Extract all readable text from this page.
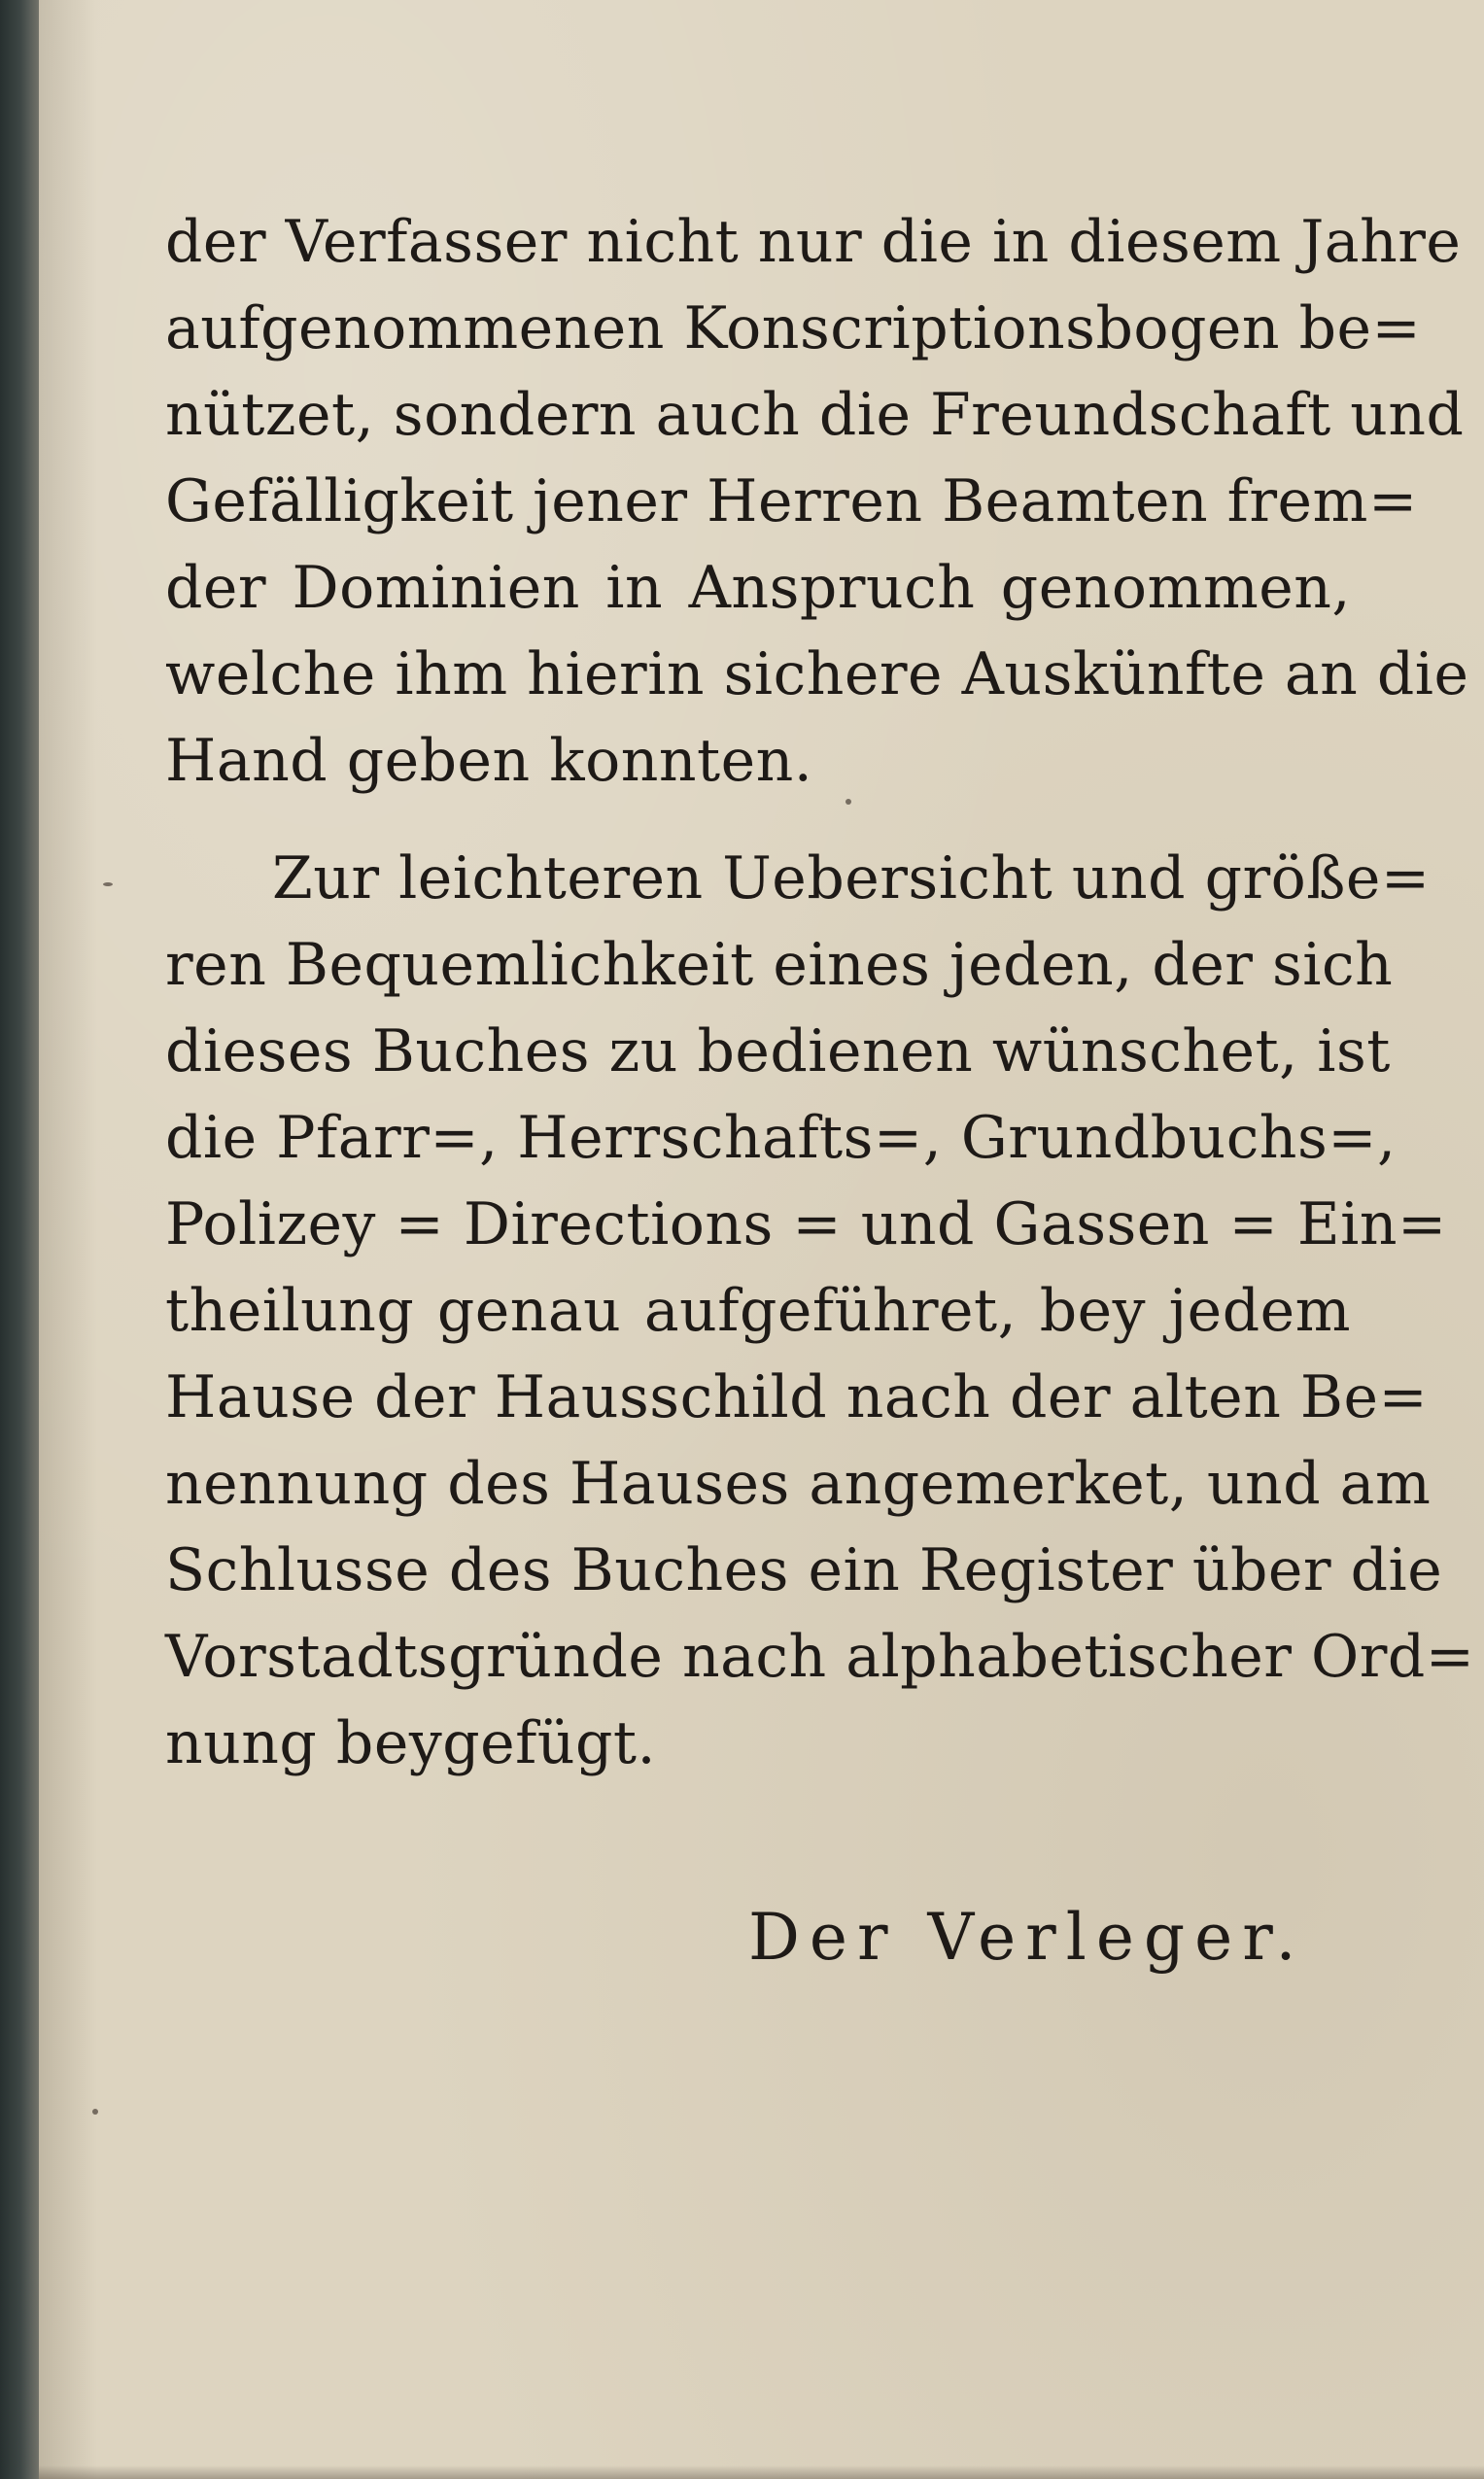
der Verfasser nicht nur die in diesem Jahre
aufgenommenen Konscriptionsbogen be=
nützet, sondern auch die Freundschaft und
Gefälligkeit jener Herren Beamten frem=
der Dominien in Anspruch genommen,
welche ihm hierin sichere Auskünfte an die
Hand geben konnten.
Zur leichteren Uebersicht und größe=
ren Bequemlichkeit eines jeden, der sich
dieses Buches zu bedienen wünschet, ist
die Pfarr=, Herrschafts=, Grundbuchs=,
Polizey = Directions = und Gassen = Ein=
theilung genau aufgeführet, bey jedem
Hause der Hausschild nach der alten Be=
nennung des Hauses angemerket, und am
Schlusse des Buches ein Register über die
Vorstadtsgründe nach alphabetischer Ord=
nung beygefügt.
Der Verleger.
